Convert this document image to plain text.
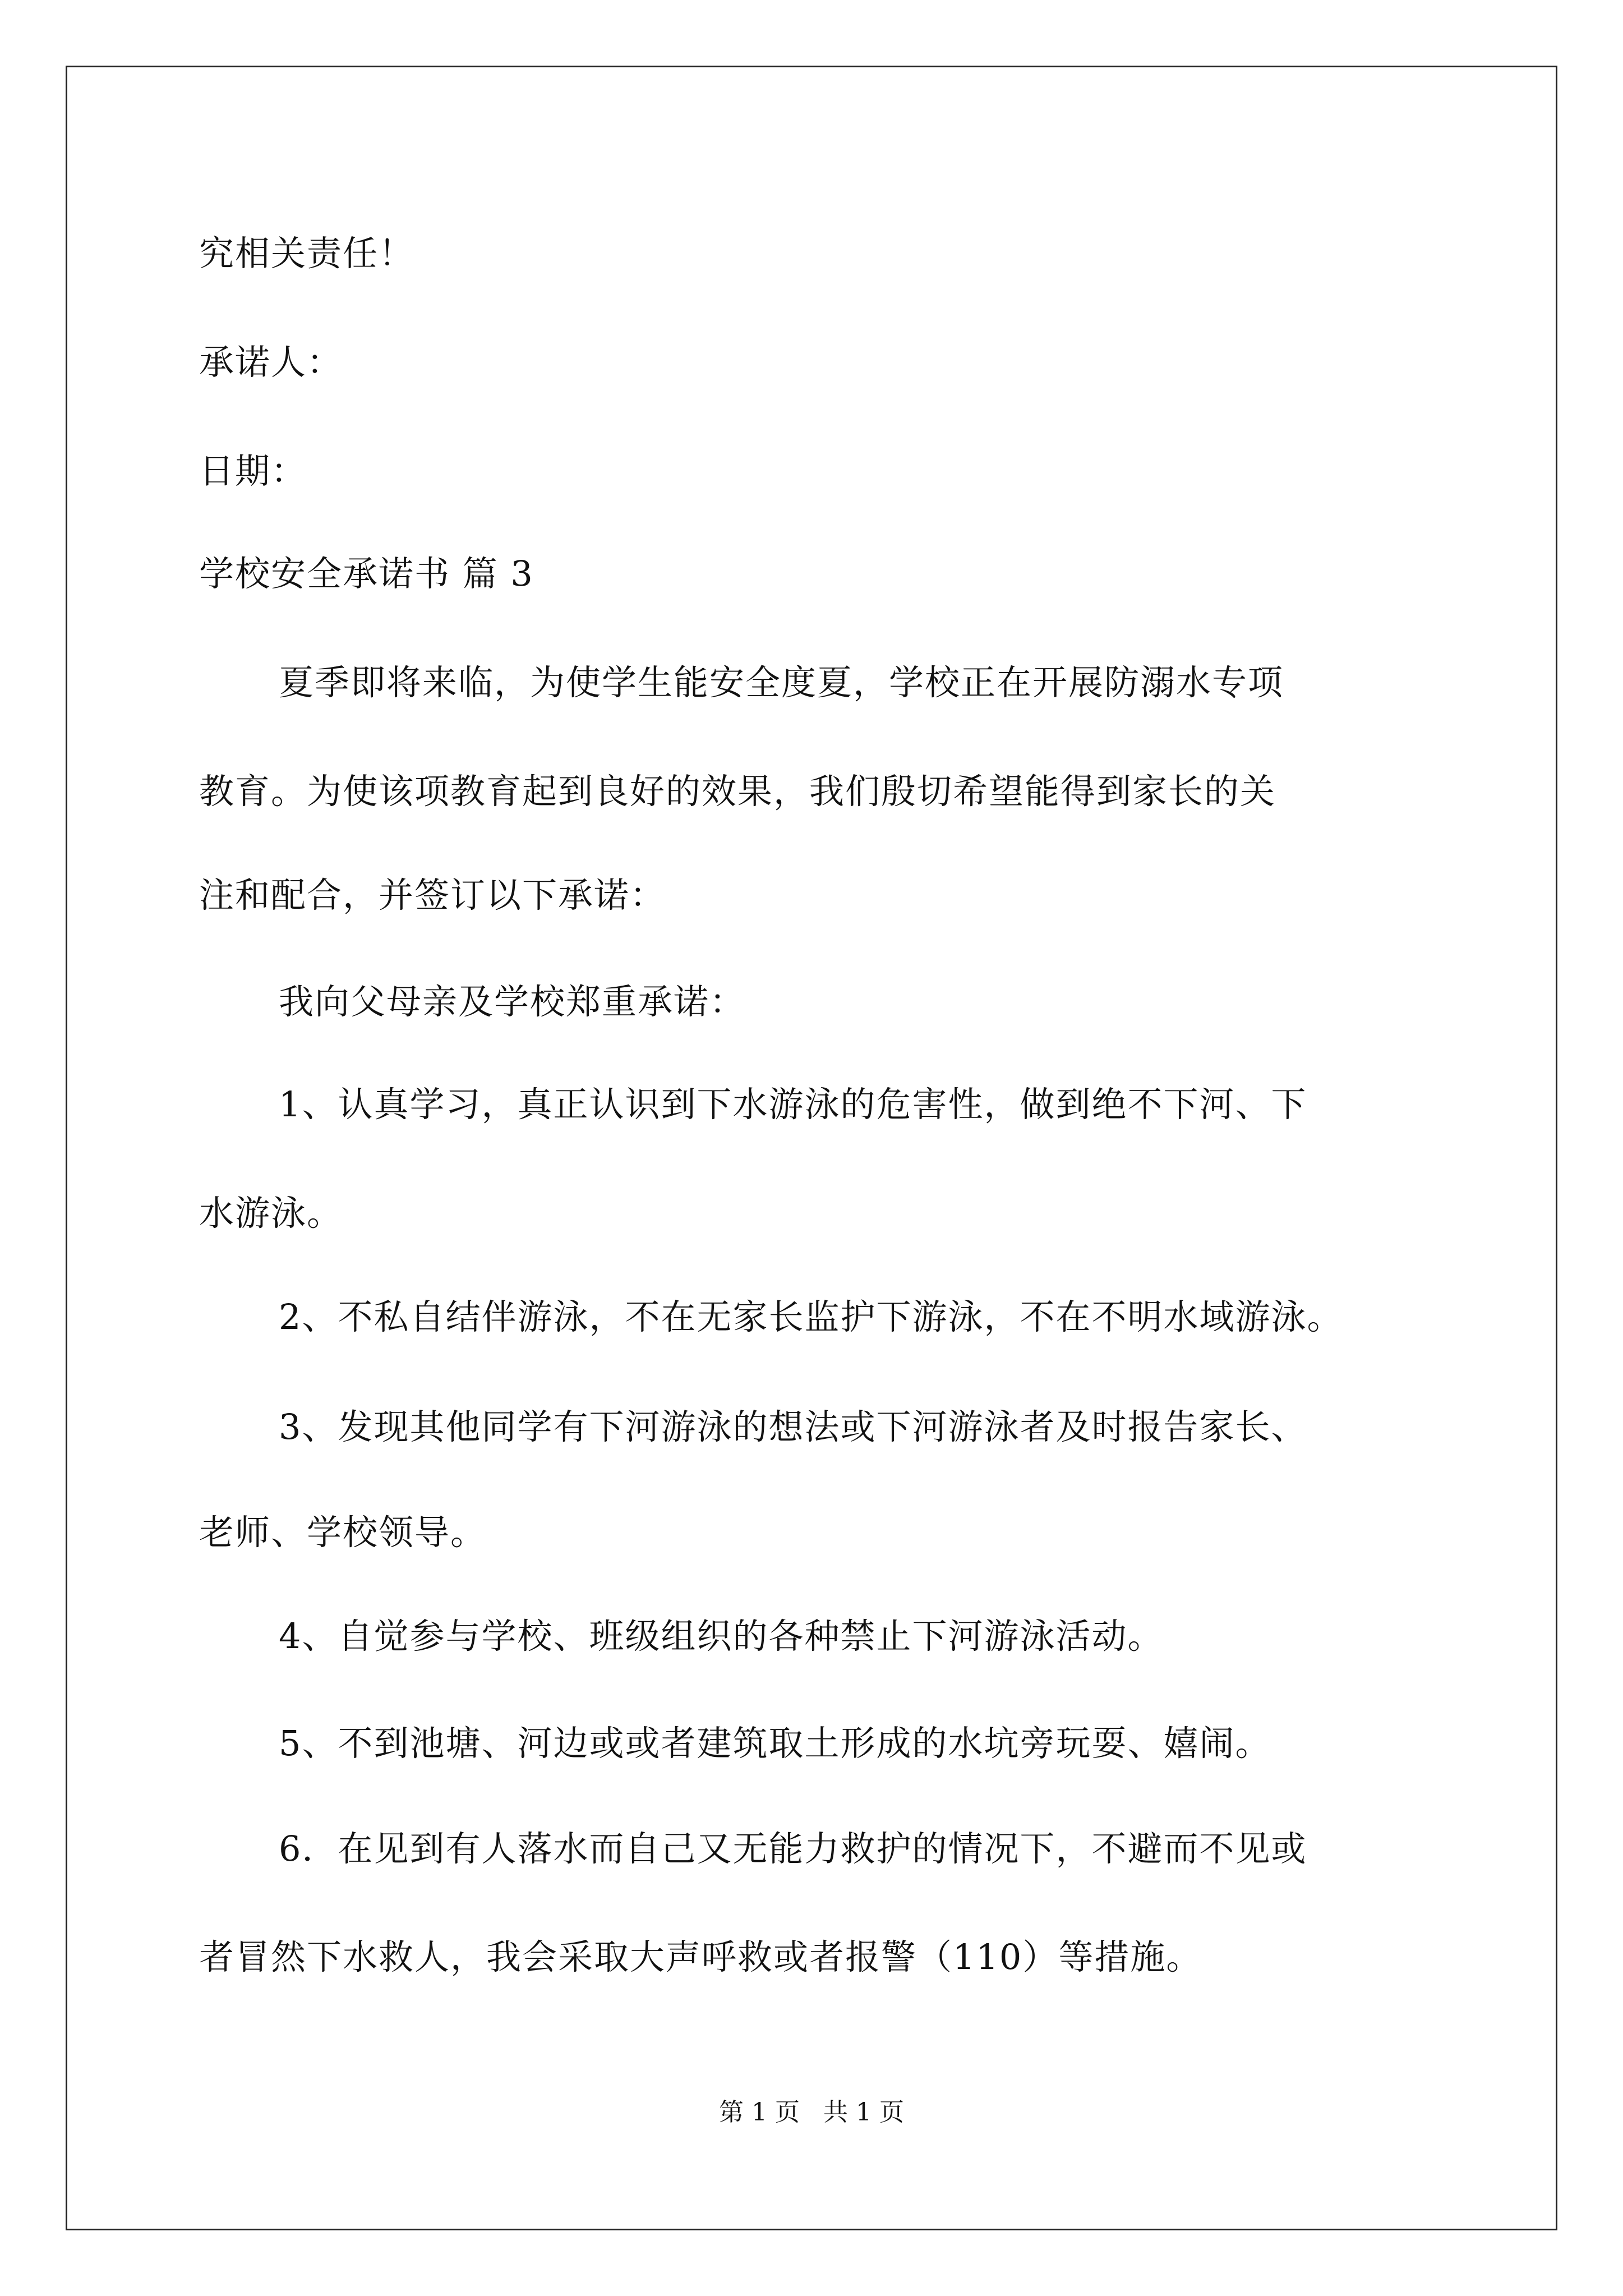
究相关责任！
承诺人：
日期：
学校安全承诺书 篇 3
夏季即将来临，为使学生能安全度夏，学校正在开展防溺水专项
教育。为使该项教育起到良好的效果，我们殷切希望能得到家长的关
注和配合，并签订以下承诺：
我向父母亲及学校郑重承诺：
1、认真学习，真正认识到下水游泳的危害性，做到绝不下河、下
水游泳。
2、不私自结伴游泳，不在无家长监护下游泳，不在不明水域游泳。
3、发现其他同学有下河游泳的想法或下河游泳者及时报告家长、
老师、学校领导。
4、自觉参与学校、班级组织的各种禁止下河游泳活动。
5、不到池塘、河边或或者建筑取土形成的水坑旁玩耍、嬉闹。
6．在见到有人落水而自己又无能力救护的情况下，不避而不见或
者冒然下水救人，我会采取大声呼救或者报警（110）等措施。
第 1 页   共 1 页
